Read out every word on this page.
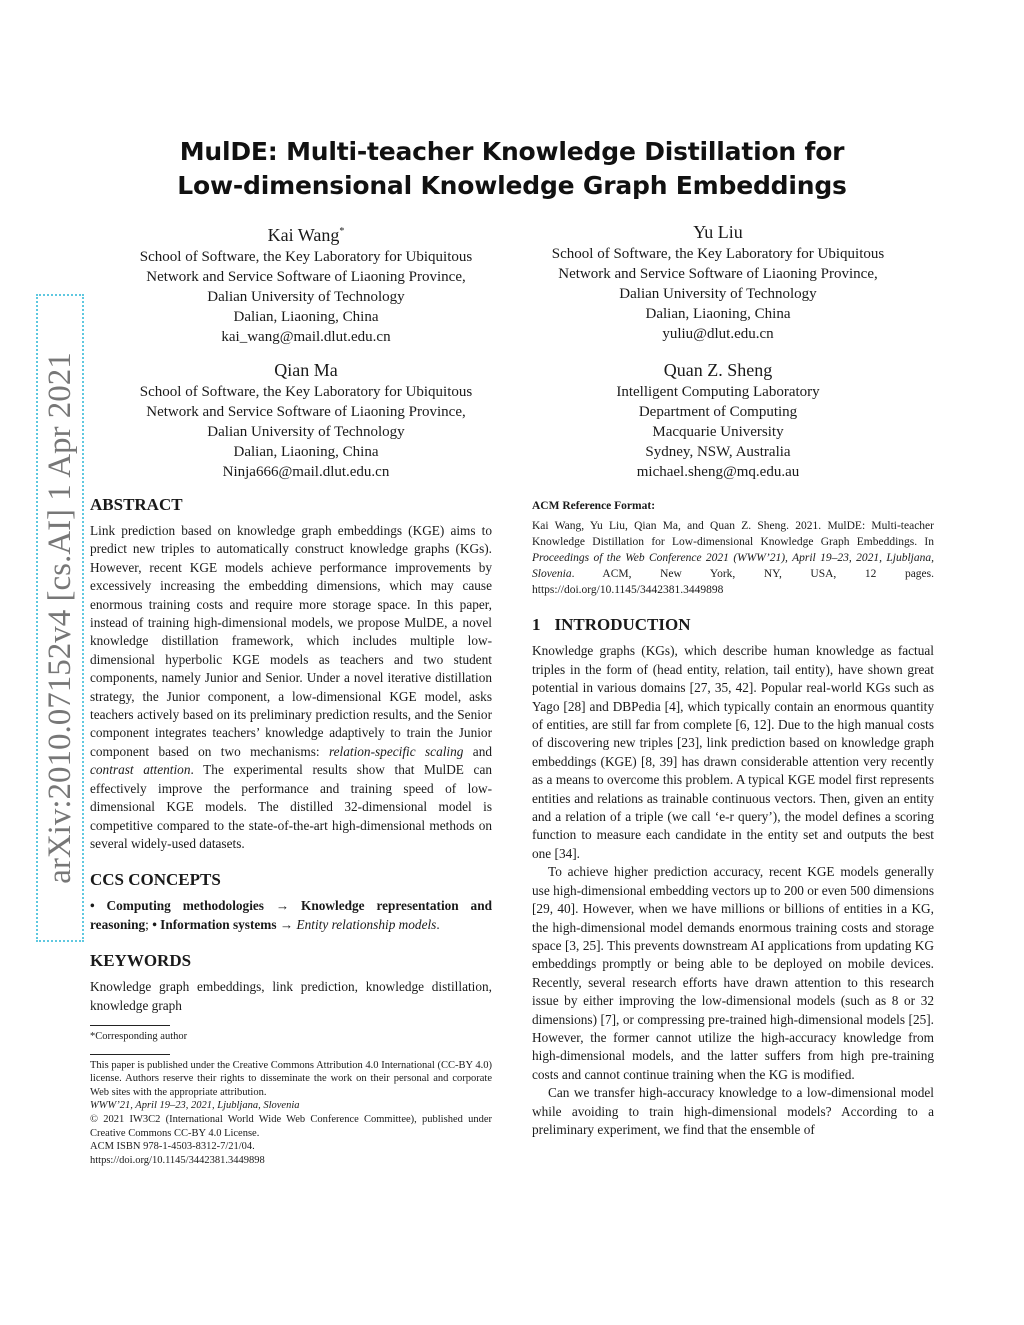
MulDE: Multi-teacher Knowledge Distillation for
Low-dimensional Knowledge Graph Embeddings
arXiv:2010.07152v4 [cs.AI] 1 Apr 2021
Kai Wang*
School of Software, the Key Laboratory for Ubiquitous
Network and Service Software of Liaoning Province,
Dalian University of Technology
Dalian, Liaoning, China
kai_wang@mail.dlut.edu.cn
Yu Liu
School of Software, the Key Laboratory for Ubiquitous
Network and Service Software of Liaoning Province,
Dalian University of Technology
Dalian, Liaoning, China
yuliu@dlut.edu.cn
Qian Ma
School of Software, the Key Laboratory for Ubiquitous
Network and Service Software of Liaoning Province,
Dalian University of Technology
Dalian, Liaoning, China
Ninja666@mail.dlut.edu.cn
Quan Z. Sheng
Intelligent Computing Laboratory
Department of Computing
Macquarie University
Sydney, NSW, Australia
michael.sheng@mq.edu.au
ABSTRACT

Link prediction based on knowledge graph embeddings (KGE) aims to predict new triples to automatically construct knowledge graphs (KGs). However, recent KGE models achieve performance improvements by excessively increasing the embedding dimensions, which may cause enormous training costs and require more storage space. In this paper, instead of training high-dimensional models, we propose MulDE, a novel knowledge distillation framework, which includes multiple low-dimensional hyperbolic KGE models as teachers and two student components, namely Junior and Senior. Under a novel iterative distillation strategy, the Junior component, a low-dimensional KGE model, asks teachers actively based on its preliminary prediction results, and the Senior component integrates teachers’ knowledge adaptively to train the Junior component based on two mechanisms: relation-specific scaling and contrast attention. The experimental results show that MulDE can effectively improve the performance and training speed of low-dimensional KGE models. The distilled 32-dimensional model is competitive compared to the state-of-the-art high-dimensional methods on several widely-used datasets.

CCS CONCEPTS

• Computing methodologies → Knowledge representation and reasoning; • Information systems → Entity relationship models.

KEYWORDS

Knowledge graph embeddings, link prediction, knowledge distillation, knowledge graph

*Corresponding author

This paper is published under the Creative Commons Attribution 4.0 International (CC-BY 4.0) license. Authors reserve their rights to disseminate the work on their personal and corporate Web sites with the appropriate attribution.

WWW’21, April 19–23, 2021, Ljubljana, Slovenia

© 2021 IW3C2 (International World Wide Web Conference Committee), published under Creative Commons CC-BY 4.0 License.

ACM ISBN 978-1-4503-8312-7/21/04.

https://doi.org/10.1145/3442381.3449898

ACM Reference Format:

Kai Wang, Yu Liu, Qian Ma, and Quan Z. Sheng. 2021. MulDE: Multi-teacher Knowledge Distillation for Low-dimensional Knowledge Graph Embeddings. In Proceedings of the Web Conference 2021 (WWW’21), April 19–23, 2021, Ljubljana, Slovenia. ACM, New York, NY, USA, 12 pages. https://doi.org/10.1145/3442381.3449898

1 INTRODUCTION

Knowledge graphs (KGs), which describe human knowledge as factual triples in the form of (head entity, relation, tail entity), have shown great potential in various domains [27, 35, 42]. Popular real-world KGs such as Yago [28] and DBPedia [4], which typically contain an enormous quantity of entities, are still far from complete [6, 12]. Due to the high manual costs of discovering new triples [23], link prediction based on knowledge graph embeddings (KGE) [8, 39] has drawn considerable attention very recently as a means to overcome this problem. A typical KGE model first represents entities and relations as trainable continuous vectors. Then, given an entity and a relation of a triple (we call ‘e-r query’), the model defines a scoring function to measure each candidate in the entity set and outputs the best one [34].

To achieve higher prediction accuracy, recent KGE models generally use high-dimensional embedding vectors up to 200 or even 500 dimensions [29, 40]. However, when we have millions or billions of entities in a KG, the high-dimensional model demands enormous training costs and storage space [3, 25]. This prevents downstream AI applications from updating KG embeddings promptly or being able to be deployed on mobile devices. Recently, several research efforts have drawn attention to this research issue by either improving the low-dimensional models (such as 8 or 32 dimensions) [7], or compressing pre-trained high-dimensional models [25]. However, the former cannot utilize the high-accuracy knowledge from high-dimensional models, and the latter suffers from high pre-training costs and cannot continue training when the KG is modified.

Can we transfer high-accuracy knowledge to a low-dimensional model while avoiding to train high-dimensional models? According to a preliminary experiment, we find that the ensemble of
